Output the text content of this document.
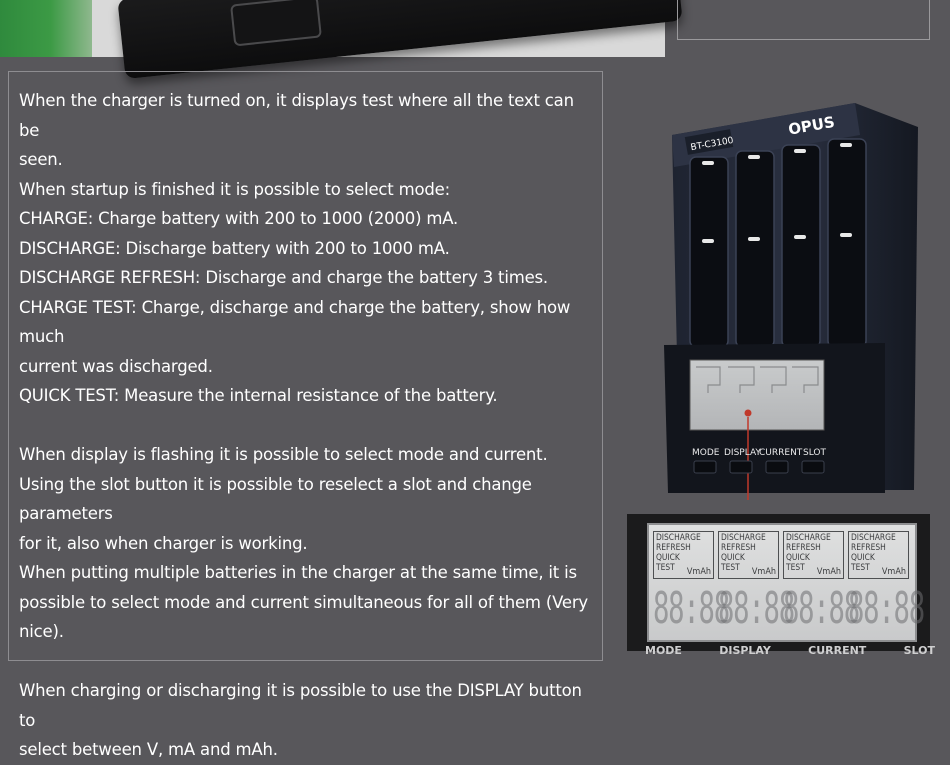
When the charger is turned on, it displays test where all the text can be

seen.

When startup is finished it is possible to select mode:

CHARGE: Charge battery with 200 to 1000 (2000) mA.

DISCHARGE: Discharge battery with 200 to 1000 mA.

DISCHARGE REFRESH: Discharge and charge the battery 3 times.

CHARGE TEST: Charge, discharge and charge the battery, show how much

current was discharged.

QUICK TEST: Measure the internal resistance of the battery.

When display is flashing it is possible to select mode and current.

Using the slot button it is possible to reselect a slot and change parameters

for it, also when charger is working.

When putting multiple batteries in the charger at the same time, it is

possible to select mode and current simultaneous for all of them (Very

nice).

When charging or discharging it is possible to use the DISPLAY button to

select between V, mA and mAh.

BT-C3100
OPUS
MODE DISPLAY
CURRENT SLOT
DISCHARGE
REFRESH
QUICK
TEST	VmAh
DISCHARGE
REFRESH
QUICK
TEST	VmAh
DISCHARGE
REFRESH
QUICK
TEST	VmAh
DISCHARGE
REFRESH
QUICK
TEST	VmAh
88:88
88:88
88:88
88:88
MODE	DISPLAY	CURRENT	SLOT
